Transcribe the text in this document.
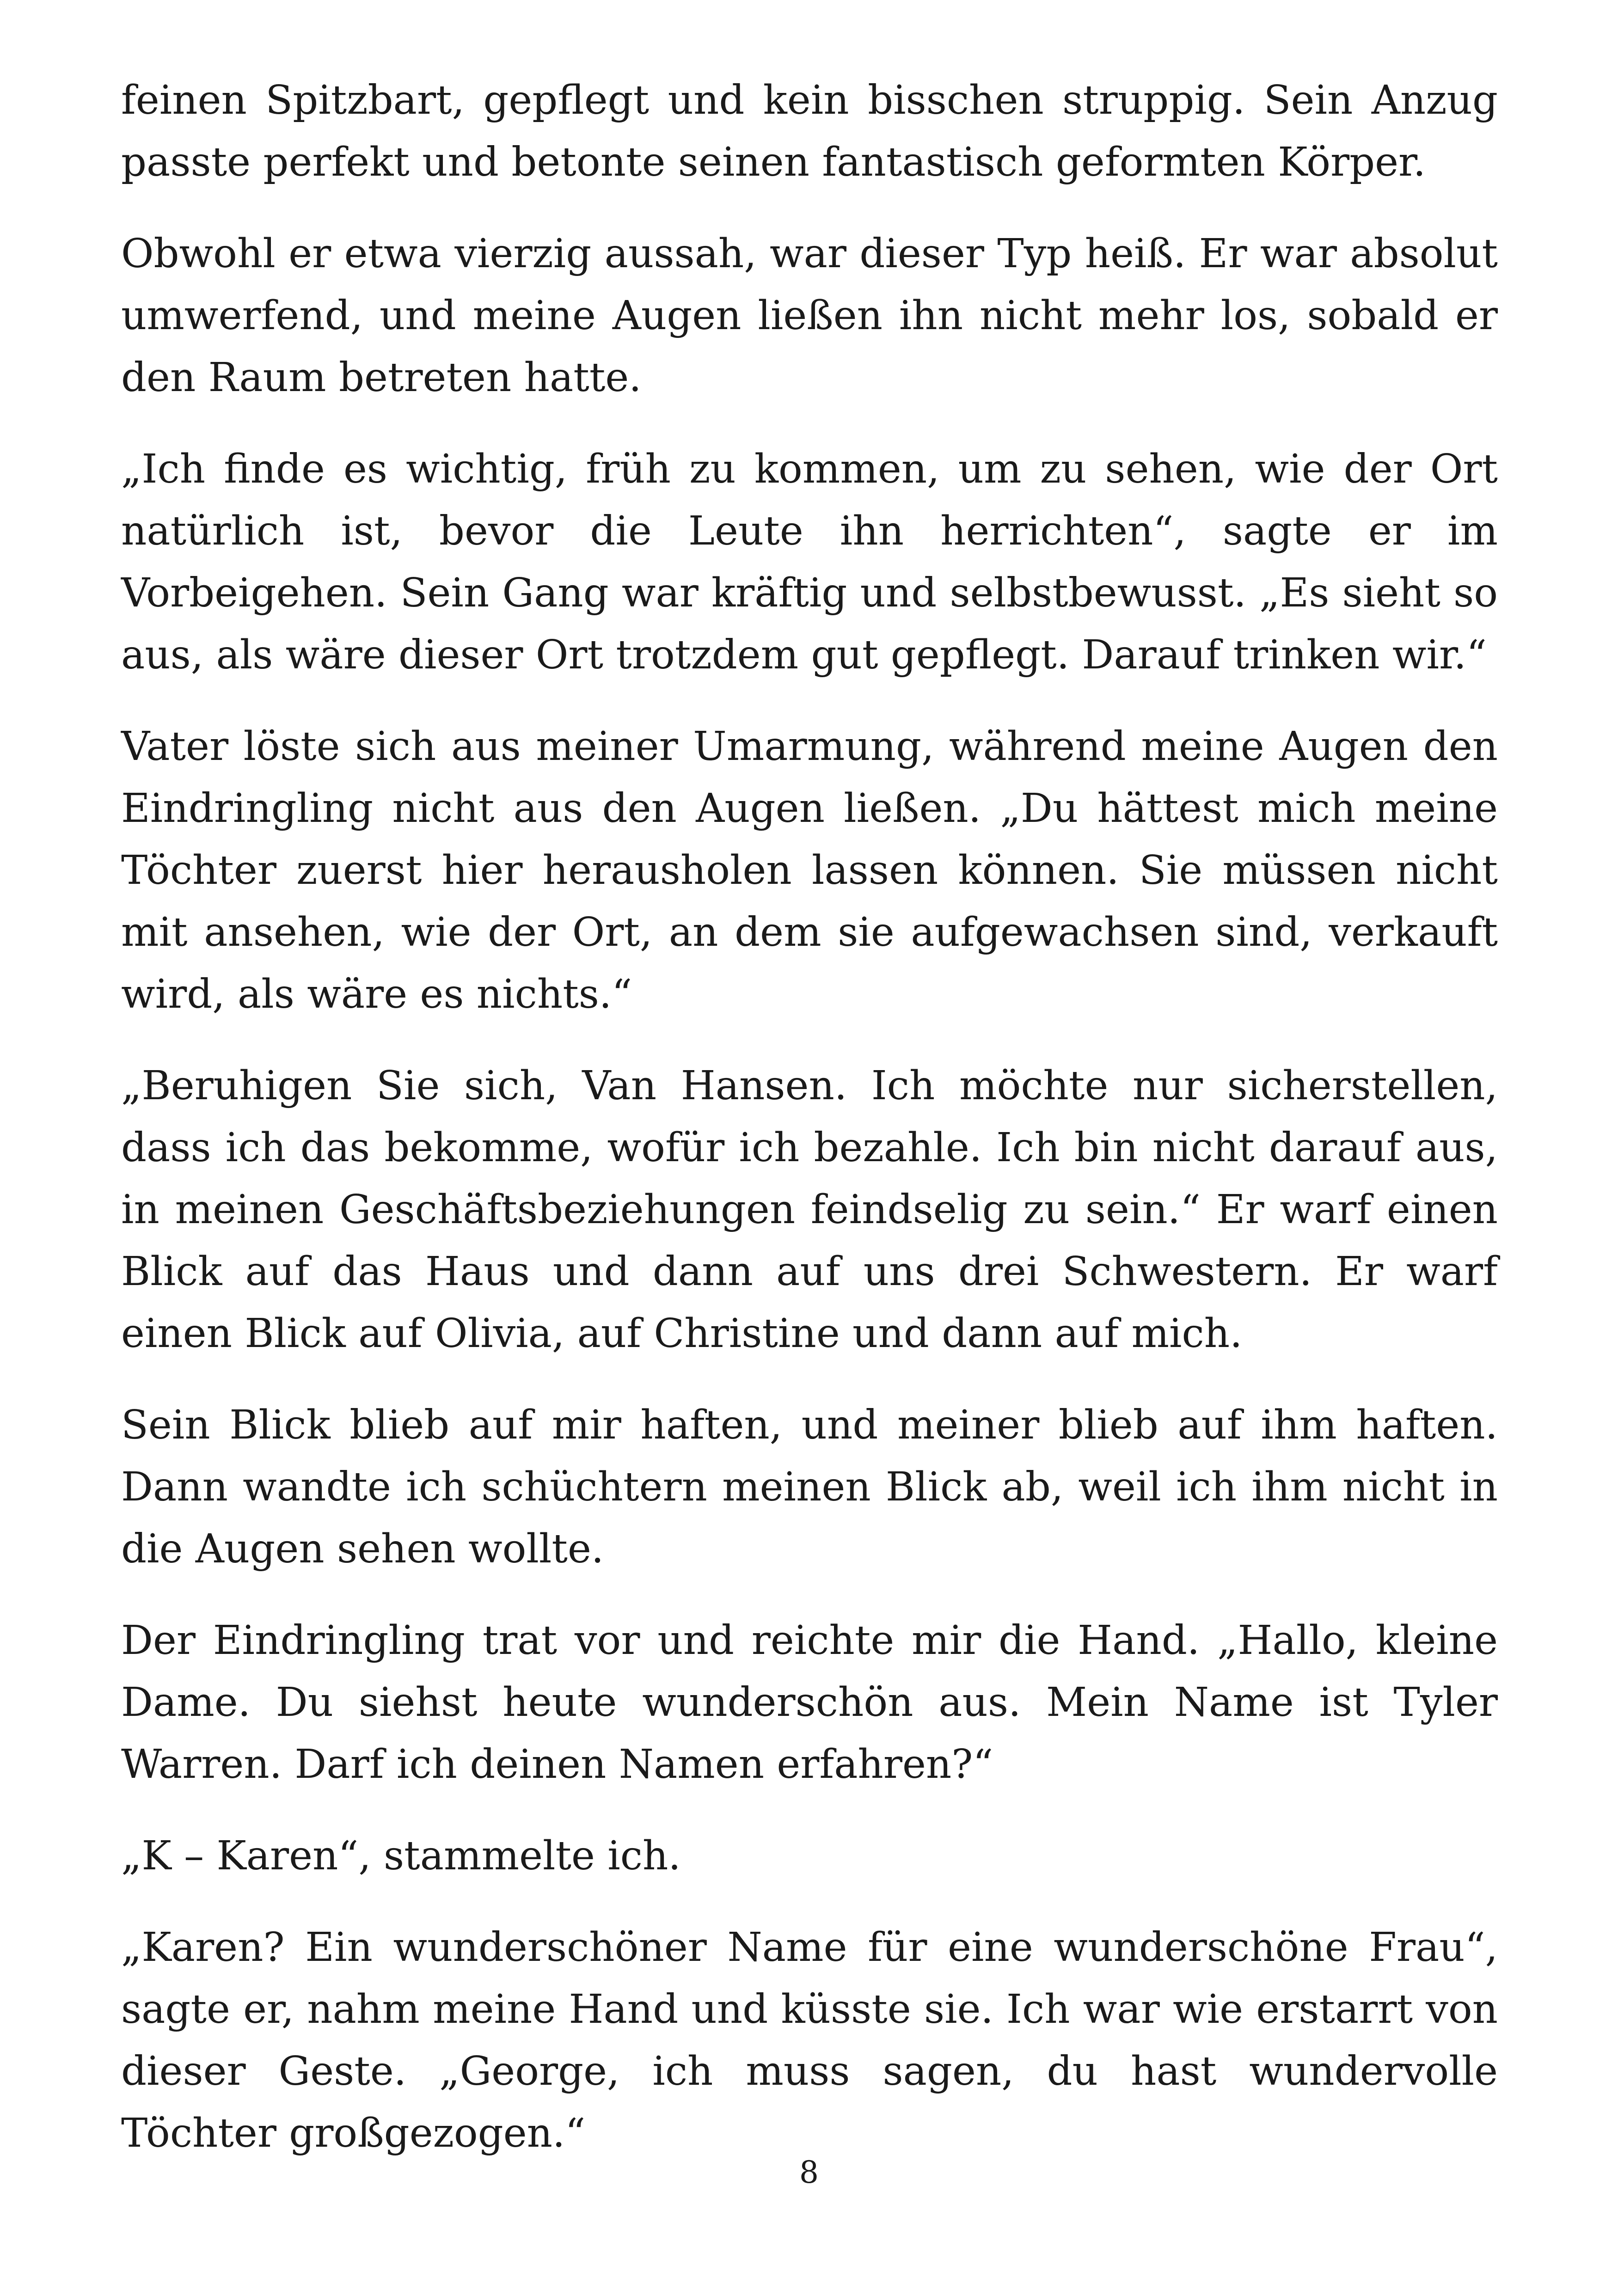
feinen Spitzbart, gepflegt und kein bisschen struppig. Sein Anzug passte perfekt und betonte seinen fantastisch geformten Körper.

Obwohl er etwa vierzig aussah, war dieser Typ heiß. Er war absolut umwerfend, und meine Augen ließen ihn nicht mehr los, sobald er den Raum betreten hatte.

„Ich finde es wichtig, früh zu kommen, um zu sehen, wie der Ort natürlich ist, bevor die Leute ihn herrichten“, sagte er im Vorbeigehen. Sein Gang war kräftig und selbstbewusst. „Es sieht so aus, als wäre dieser Ort trotzdem gut gepflegt. Darauf trinken wir.“

Vater löste sich aus meiner Umarmung, während meine Augen den Eindringling nicht aus den Augen ließen. „Du hättest mich meine Töchter zuerst hier herausholen lassen können. Sie müssen nicht mit ansehen, wie der Ort, an dem sie aufgewachsen sind, verkauft wird, als wäre es nichts.“

„Beruhigen Sie sich, Van Hansen. Ich möchte nur sicherstellen, dass ich das bekomme, wofür ich bezahle. Ich bin nicht darauf aus, in meinen Geschäftsbeziehungen feindselig zu sein.“ Er warf einen Blick auf das Haus und dann auf uns drei Schwestern. Er warf einen Blick auf Olivia, auf Christine und dann auf mich.

Sein Blick blieb auf mir haften, und meiner blieb auf ihm haften. Dann wandte ich schüchtern meinen Blick ab, weil ich ihm nicht in die Augen sehen wollte.

Der Eindringling trat vor und reichte mir die Hand. „Hallo, kleine Dame. Du siehst heute wunderschön aus. Mein Name ist Tyler Warren. Darf ich deinen Namen erfahren?“

„K – Karen“, stammelte ich.

„Karen? Ein wunderschöner Name für eine wunderschöne Frau“, sagte er, nahm meine Hand und küsste sie. Ich war wie erstarrt von dieser Geste. „George, ich muss sagen, du hast wundervolle Töchter großgezogen.“

8
